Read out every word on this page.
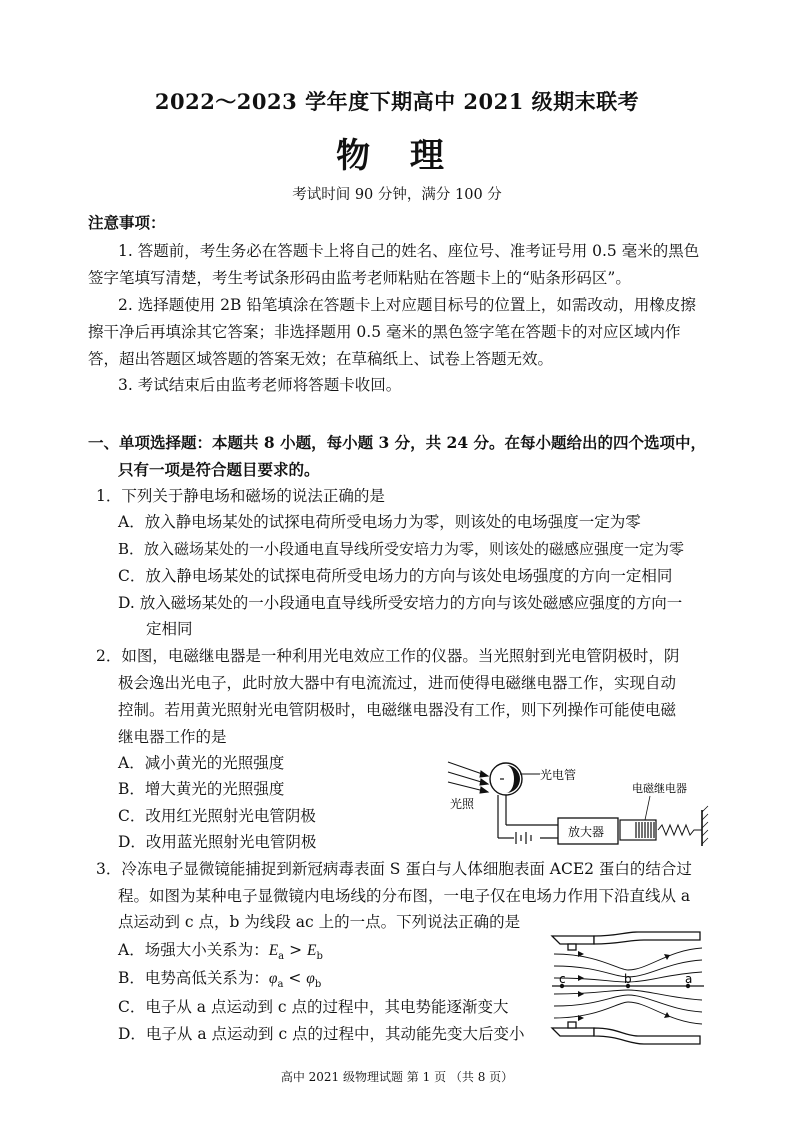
2022～2023 学年度下期高中 2021 级期末联考
物 理
考试时间 90 分钟，满分 100 分
注意事项：
1. 答题前，考生务必在答题卡上将自己的姓名、座位号、准考证号用 0.5 毫米的黑色
签字笔填写清楚，考生考试条形码由监考老师粘贴在答题卡上的“贴条形码区”。
2. 选择题使用 2B 铅笔填涂在答题卡上对应题目标号的位置上，如需改动，用橡皮擦
擦干净后再填涂其它答案；非选择题用 0.5 毫米的黑色签字笔在答题卡的对应区域内作
答，超出答题区域答题的答案无效；在草稿纸上、试卷上答题无效。
3. 考试结束后由监考老师将答题卡收回。
一、单项选择题：本题共 8 小题，每小题 3 分，共 24 分。在每小题给出的四个选项中，
只有一项是符合题目要求的。
1．下列关于静电场和磁场的说法正确的是
A．放入静电场某处的试探电荷所受电场力为零，则该处的电场强度一定为零
B．放入磁场某处的一小段通电直导线所受安培力为零，则该处的磁感应强度一定为零
C．放入静电场某处的试探电荷所受电场力的方向与该处电场强度的方向一定相同
D. 放入磁场某处的一小段通电直导线所受安培力的方向与该处磁感应强度的方向一
定相同
2．如图，电磁继电器是一种利用光电效应工作的仪器。当光照射到光电管阴极时，阴
极会逸出光电子，此时放大器中有电流流过，进而使得电磁继电器工作，实现自动
控制。若用黄光照射光电管阴极时，电磁继电器没有工作，则下列操作可能使电磁
继电器工作的是
A．减小黄光的光照强度
B．增大黄光的光照强度
C．改用红光照射光电管阴极
D．改用蓝光照射光电管阴极
光照
光电管
放大器
电磁继电器
3．冷冻电子显微镜能捕捉到新冠病毒表面 S 蛋白与人体细胞表面 ACE2 蛋白的结合过
程。如图为某种电子显微镜内电场线的分布图，一电子仅在电场力作用下沿直线从 a
点运动到 c 点，b 为线段 ac 上的一点。下列说法正确的是
A．场强大小关系为：$E_a > E_b$
B．电势高低关系为：$\varphi_a < \varphi_b$
C．电子从 a 点运动到 c 点的过程中，其电势能逐渐变大
D．电子从 a 点运动到 c 点的过程中，其动能先变大后变小
c	b	a
高中 2021 级物理试题 第 1 页 （共 8 页）
